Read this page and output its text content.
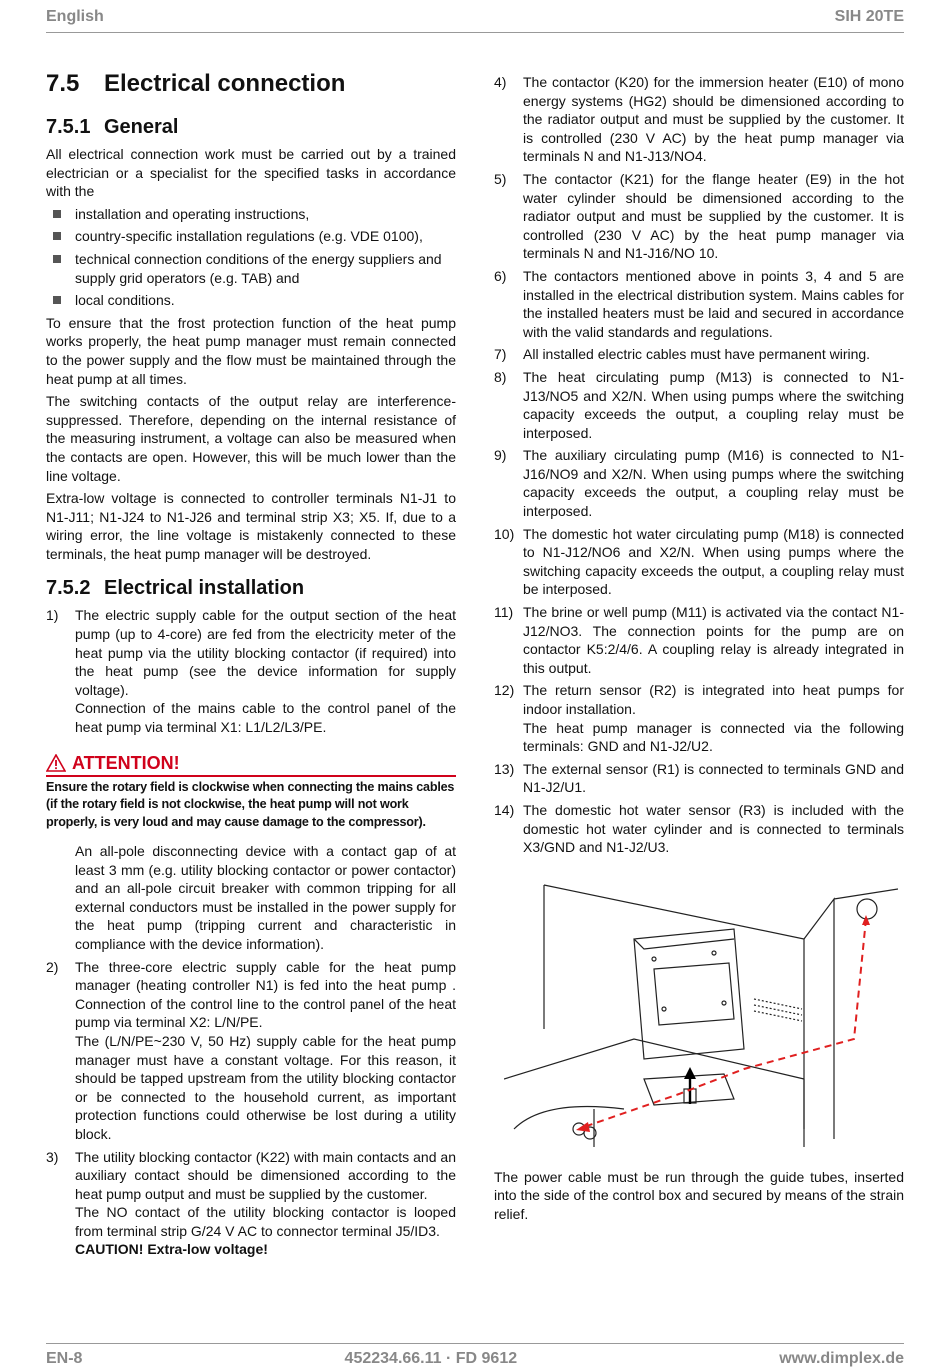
English	SIH 20TE
7.5 Electrical connection
7.5.1 General

All electrical connection work must be carried out by a trained electrician or a specialist for the specified tasks in accordance with the

installation and operating instructions,
country-specific installation regulations (e.g. VDE 0100),
technical connection conditions of the energy suppliers and supply grid operators (e.g. TAB) and
local conditions.

To ensure that the frost protection function of the heat pump works properly, the heat pump manager must remain connected to the power supply and the flow must be maintained through the heat pump at all times.

The switching contacts of the output relay are interference-suppressed. Therefore, depending on the internal resistance of the measuring instrument, a voltage can also be measured when the contacts are open. However, this will be much lower than the line voltage.

Extra-low voltage is connected to controller terminals N1-J1 to N1-J11; N1-J24 to N1-J26 and terminal strip X3; X5. If, due to a wiring error, the line voltage is mistakenly connected to these terminals, the heat pump manager will be destroyed.

7.5.2 Electrical installation
1) The electric supply cable for the output section of the heat pump (up to 4-core) are fed from the electricity meter of the heat pump via the utility blocking contactor (if required) into the heat pump (see the device information for supply voltage).
Connection of the mains cable to the control panel of the heat pump via terminal X1: L1/L2/L3/PE.
ATTENTION!
Ensure the rotary field is clockwise when connecting the mains cables (if the rotary field is not clockwise, the heat pump will not work properly, is very loud and may cause damage to the compressor).

An all-pole disconnecting device with a contact gap of at least 3 mm (e.g. utility blocking contactor or power contactor) and an all-pole circuit breaker with common tripping for all external conductors must be installed in the power supply for the heat pump (tripping current and characteristic in compliance with the device information).

2) The three-core electric supply cable for the heat pump manager (heating controller N1) is fed into the heat pump . Connection of the control line to the control panel of the heat pump via terminal X2: L/N/PE.
The (L/N/PE~230 V, 50 Hz) supply cable for the heat pump manager must have a constant voltage. For this reason, it should be tapped upstream from the utility blocking contactor or be connected to the household current, as important protection functions could otherwise be lost during a utility block.
3) The utility blocking contactor (K22) with main contacts and an auxiliary contact should be dimensioned according to the heat pump output and must be supplied by the customer.
The NO contact of the utility blocking contactor is looped from terminal strip G/24 V AC to connector terminal J5/ID3.
CAUTION! Extra-low voltage!
4) The contactor (K20) for the immersion heater (E10) of mono energy systems (HG2) should be dimensioned according to the radiator output and must be supplied by the customer. It is controlled (230 V AC) by the heat pump manager via terminals N and N1-J13/NO4.
5) The contactor (K21) for the flange heater (E9) in the hot water cylinder should be dimensioned according to the radiator output and must be supplied by the customer. It is controlled (230 V AC) by the heat pump manager via terminals N and N1-J16/NO 10.
6) The contactors mentioned above in points 3, 4 and 5 are installed in the electrical distribution system. Mains cables for the installed heaters must be laid and secured in accordance with the valid standards and regulations.
7) All installed electric cables must have permanent wiring.
8) The heat circulating pump (M13) is connected to N1-J13/NO5 and X2/N. When using pumps where the switching capacity exceeds the output, a coupling relay must be interposed.
9) The auxiliary circulating pump (M16) is connected to N1-J16/NO9 and X2/N. When using pumps where the switching capacity exceeds the output, a coupling relay must be interposed.
10) The domestic hot water circulating pump (M18) is connected to N1-J12/NO6 and X2/N. When using pumps where the switching capacity exceeds the output, a coupling relay must be interposed.
11) The brine or well pump (M11) is activated via the contact N1-J12/NO3. The connection points for the pump are on contactor K5:2/4/6. A coupling relay is already integrated in this output.
12) The return sensor (R2) is integrated into heat pumps for indoor installation.
The heat pump manager is connected via the following terminals: GND and N1-J2/U2.
13) The external sensor (R1) is connected to terminals GND and N1-J2/U1.
14) The domestic hot water sensor (R3) is included with the domestic hot water cylinder and is connected to terminals X3/GND and N1-J2/U3.

The power cable must be run through the guide tubes, inserted into the side of the control box and secured by means of the strain relief.

EN-8	452234.66.11 · FD 9612	www.dimplex.de
